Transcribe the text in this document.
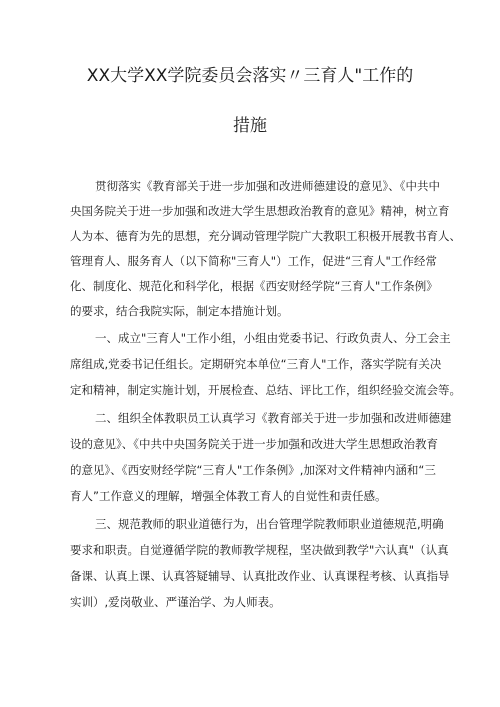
XX大学XX学院委员会落实〃三育人"工作的
措施
贯彻落实《教育部关于进一步加强和改进师德建设的意见》、《中共中
央国务院关于进一步加强和改进大学生思想政治教育的意见》精神，树立育
人为本、德育为先的思想，充分调动管理学院广大教职工积极开展教书育人、
管理育人、服务育人（以下简称"三育人"）工作，促进“三育人"工作经常
化、制度化、规范化和科学化，根据《西安财经学院“三育人"工作条例》
的要求，结合我院实际，制定本措施计划。
一、成立"三育人"工作小组，小组由党委书记、行政负责人、分工会主
席组成,党委书记任组长。定期研究本单位“三育人"工作，落实学院有关决
定和精神，制定实施计划，开展检查、总结、评比工作，组织经验交流会等。
二、组织全体教职员工认真学习《教育部关于进一步加强和改进师德建
设的意见》、《中共中央国务院关于进一步加强和改进大学生思想政治教育
的意见》、《西安财经学院“三育人"工作条例》,加深对文件精神内涵和“三
育人”工作意义的理解，增强全体教工育人的自觉性和责任感。
三、规范教师的职业道德行为，出台管理学院教师职业道德规范,明确
要求和职责。自觉遵循学院的教师教学规程，坚决做到教学"六认真"（认真
备课、认真上课、认真答疑辅导、认真批改作业、认真课程考核、认真指导
实训）,爱岗敬业、严谨治学、为人师表。
